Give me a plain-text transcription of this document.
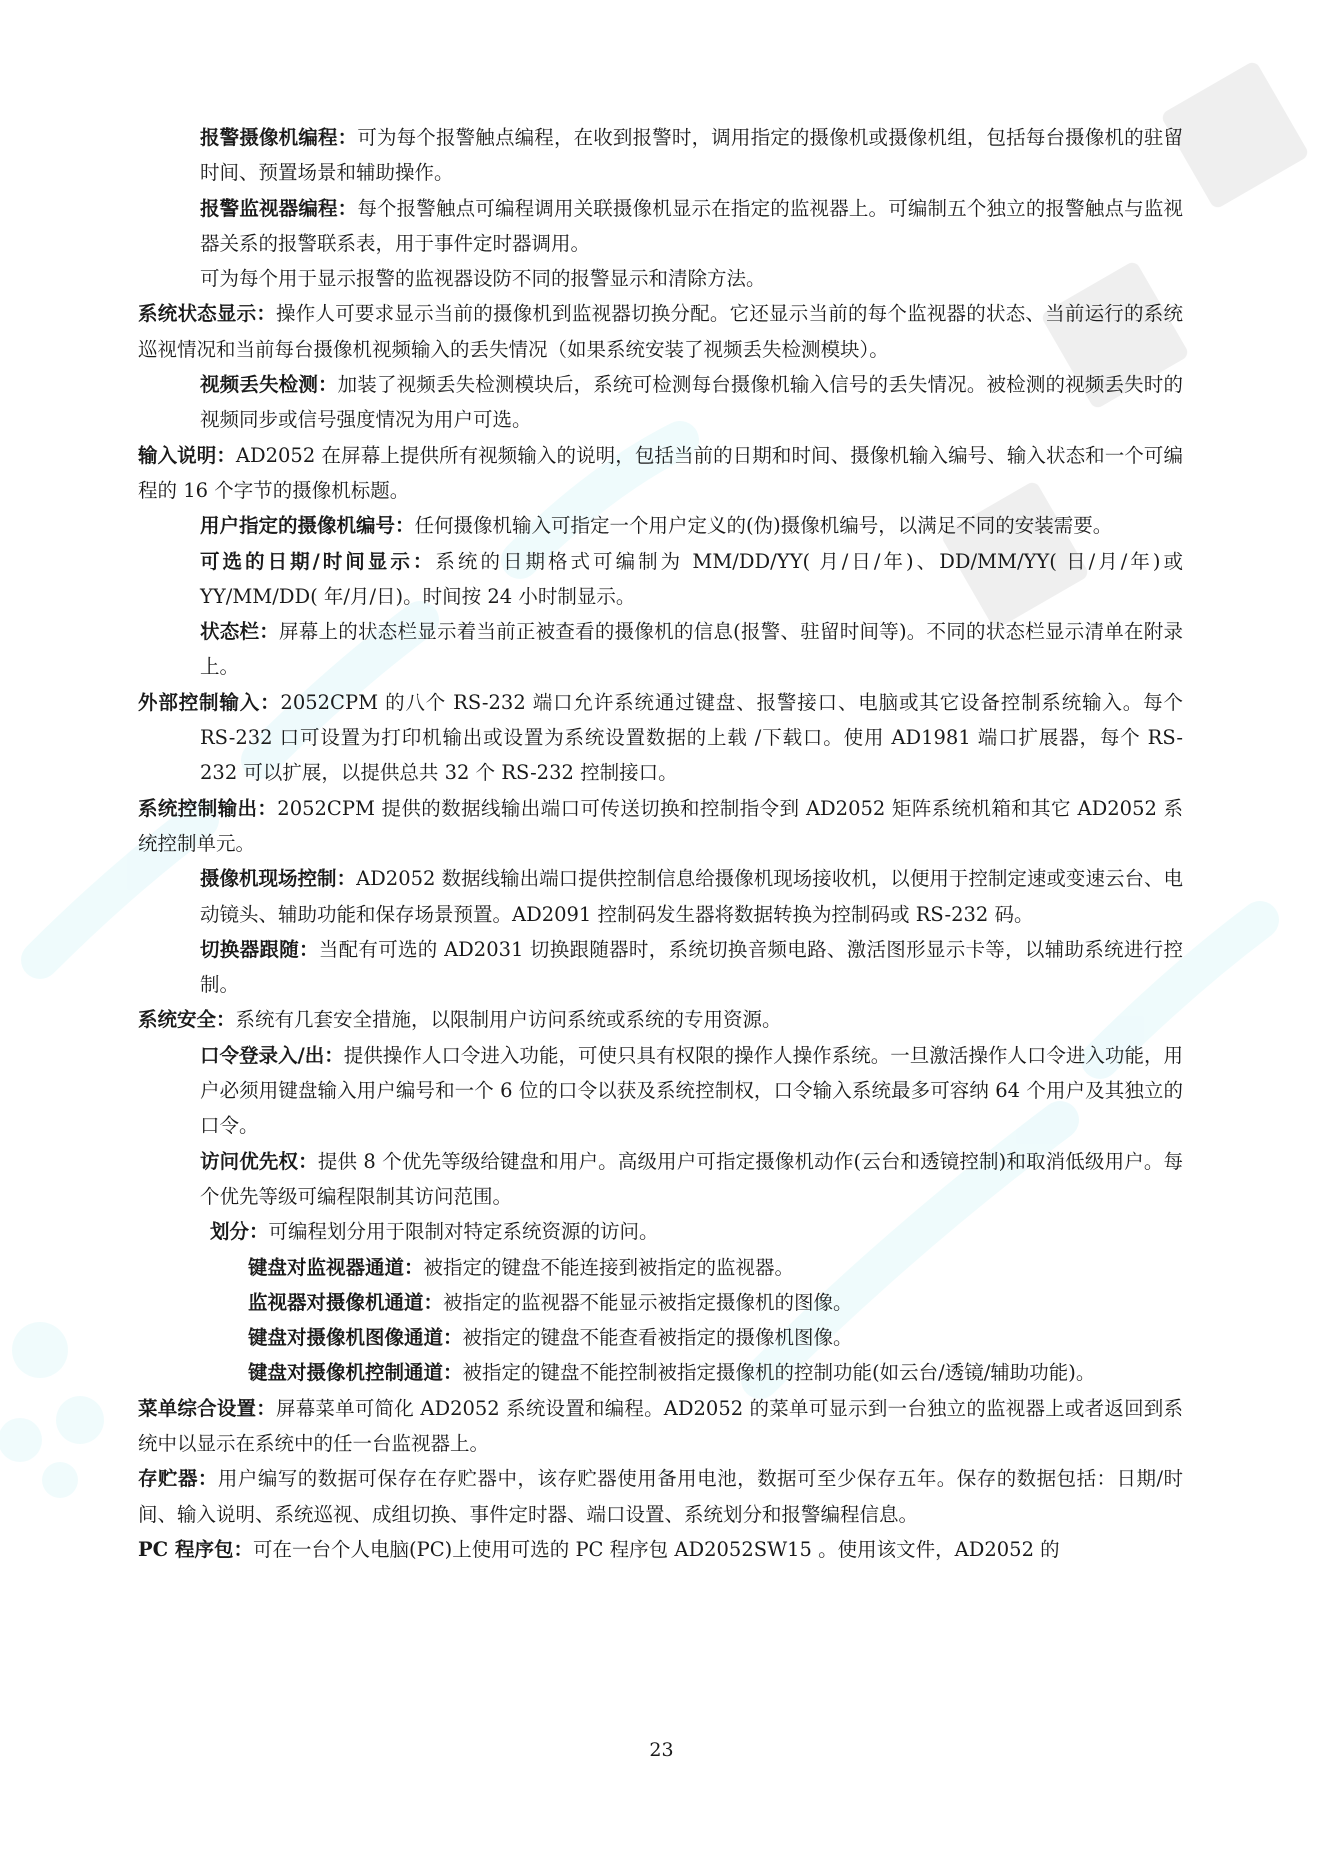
报警摄像机编程：可为每个报警触点编程，在收到报警时，调用指定的摄像机或摄像机组，包括每台摄像机的驻留时间、预置场景和辅助操作。

报警监视器编程：每个报警触点可编程调用关联摄像机显示在指定的监视器上。可编制五个独立的报警触点与监视器关系的报警联系表，用于事件定时器调用。

可为每个用于显示报警的监视器设防不同的报警显示和清除方法。

系统状态显示：操作人可要求显示当前的摄像机到监视器切换分配。它还显示当前的每个监视器的状态、当前运行的系统巡视情况和当前每台摄像机视频输入的丢失情况（如果系统安装了视频丢失检测模块）。

视频丢失检测：加装了视频丢失检测模块后，系统可检测每台摄像机输入信号的丢失情况。被检测的视频丢失时的视频同步或信号强度情况为用户可选。

输入说明：AD2052 在屏幕上提供所有视频输入的说明，包括当前的日期和时间、摄像机输入编号、输入状态和一个可编程的 16 个字节的摄像机标题。

用户指定的摄像机编号：任何摄像机输入可指定一个用户定义的(伪)摄像机编号，以满足不同的安装需要。

可选的日期/时间显示：系统的日期格式可编制为 MM/DD/YY( 月/日/年)、DD/MM/YY( 日/月/年)或 YY/MM/DD( 年/月/日)。时间按 24 小时制显示。

状态栏：屏幕上的状态栏显示着当前正被查看的摄像机的信息(报警、驻留时间等)。不同的状态栏显示清单在附录上。

外部控制输入：2052CPM 的八个 RS-232 端口允许系统通过键盘、报警接口、电脑或其它设备控制系统输入。每个 RS-232 口可设置为打印机输出或设置为系统设置数据的上载 /下载口。使用 AD1981 端口扩展器，每个 RS-232 可以扩展，以提供总共 32 个 RS-232 控制接口。

系统控制输出：2052CPM 提供的数据线输出端口可传送切换和控制指令到 AD2052 矩阵系统机箱和其它 AD2052 系统控制单元。

摄像机现场控制：AD2052 数据线输出端口提供控制信息给摄像机现场接收机，以便用于控制定速或变速云台、电动镜头、辅助功能和保存场景预置。AD2091 控制码发生器将数据转换为控制码或 RS-232 码。

切换器跟随：当配有可选的 AD2031 切换跟随器时，系统切换音频电路、激活图形显示卡等，以辅助系统进行控制。

系统安全：系统有几套安全措施，以限制用户访问系统或系统的专用资源。

口令登录入/出：提供操作人口令进入功能，可使只具有权限的操作人操作系统。一旦激活操作人口令进入功能，用户必须用键盘输入用户编号和一个 6 位的口令以获及系统控制权，口令输入系统最多可容纳 64 个用户及其独立的口令。

访问优先权：提供 8 个优先等级给键盘和用户。高级用户可指定摄像机动作(云台和透镜控制)和取消低级用户。每个优先等级可编程限制其访问范围。

划分：可编程划分用于限制对特定系统资源的访问。

键盘对监视器通道：被指定的键盘不能连接到被指定的监视器。

监视器对摄像机通道：被指定的监视器不能显示被指定摄像机的图像。

键盘对摄像机图像通道：被指定的键盘不能查看被指定的摄像机图像。

键盘对摄像机控制通道：被指定的键盘不能控制被指定摄像机的控制功能(如云台/透镜/辅助功能)。

菜单综合设置：屏幕菜单可简化 AD2052 系统设置和编程。AD2052 的菜单可显示到一台独立的监视器上或者返回到系统中以显示在系统中的任一台监视器上。

存贮器：用户编写的数据可保存在存贮器中，该存贮器使用备用电池，数据可至少保存五年。保存的数据包括：日期/时间、输入说明、系统巡视、成组切换、事件定时器、端口设置、系统划分和报警编程信息。

PC 程序包：可在一台个人电脑(PC)上使用可选的 PC 程序包 AD2052SW15 。使用该文件，AD2052 的

23
